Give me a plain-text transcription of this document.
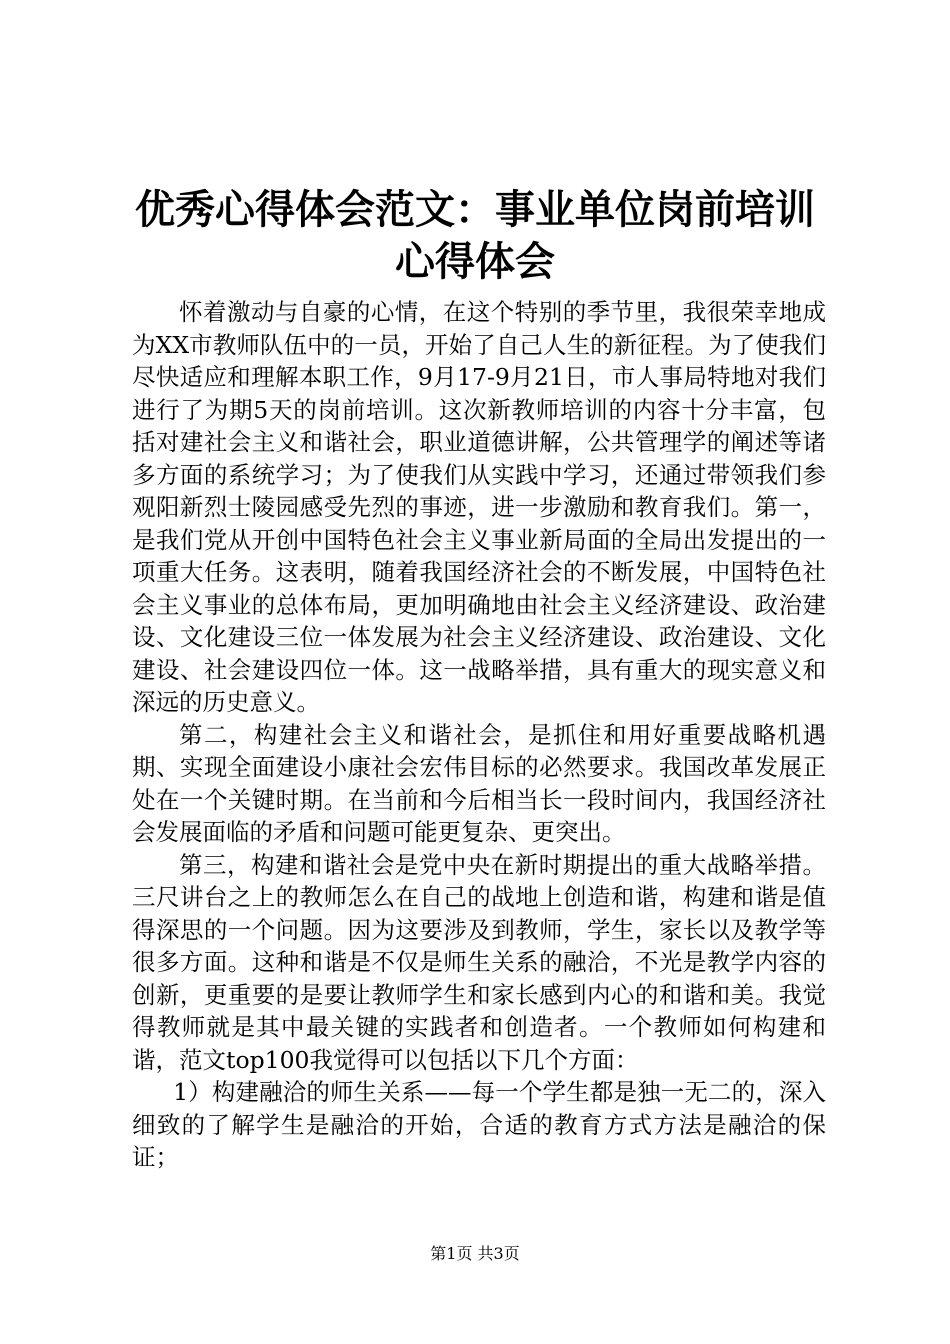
优秀心得体会范文：事业单位岗前培训心得体会

怀着激动与自豪的心情，在这个特别的季节里，我很荣幸地成为XX市教师队伍中的一员，开始了自己人生的新征程。为了使我们尽快适应和理解本职工作，9月17-9月21日，市人事局特地对我们进行了为期5天的岗前培训。这次新教师培训的内容十分丰富，包括对建社会主义和谐社会，职业道德讲解，公共管理学的阐述等诸多方面的系统学习；为了使我们从实践中学习，还通过带领我们参观阳新烈士陵园感受先烈的事迹，进一步激励和教育我们。第一，是我们党从开创中国特色社会主义事业新局面的全局出发提出的一项重大任务。这表明，随着我国经济社会的不断发展，中国特色社会主义事业的总体布局，更加明确地由社会主义经济建设、政治建设、文化建设三位一体发展为社会主义经济建设、政治建设、文化建设、社会建设四位一体。这一战略举措，具有重大的现实意义和深远的历史意义。

第二，构建社会主义和谐社会，是抓住和用好重要战略机遇期、实现全面建设小康社会宏伟目标的必然要求。我国改革发展正处在一个关键时期。在当前和今后相当长一段时间内，我国经济社会发展面临的矛盾和问题可能更复杂、更突出。

第三，构建和谐社会是党中央在新时期提出的重大战略举措。三尺讲台之上的教师怎么在自己的战地上创造和谐，构建和谐是值得深思的一个问题。因为这要涉及到教师，学生，家长以及教学等很多方面。这种和谐是不仅是师生关系的融洽，不光是教学内容的创新，更重要的是要让教师学生和家长感到内心的和谐和美。我觉得教师就是其中最关键的实践者和创造者。一个教师如何构建和谐，范文top100我觉得可以包括以下几个方面：

1）构建融洽的师生关系——每一个学生都是独一无二的，深入细致的了解学生是融洽的开始，合适的教育方式方法是融洽的保证；

第1页 共3页
